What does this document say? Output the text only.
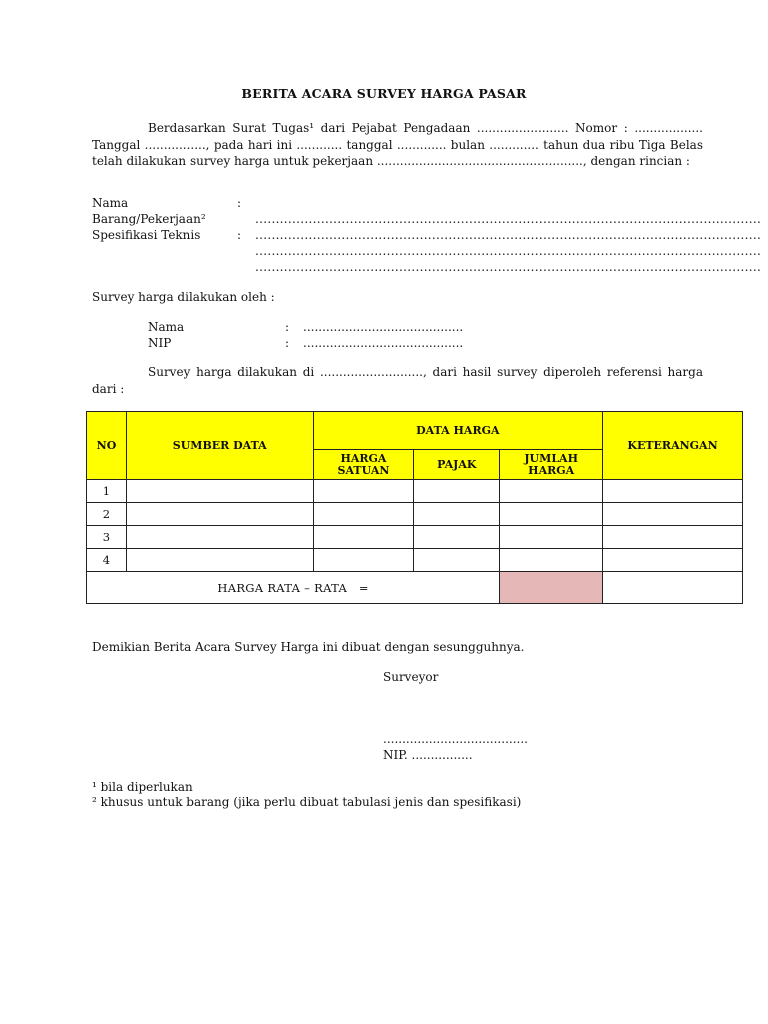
BERITA ACARA SURVEY HARGA PASAR
Berdasarkan Surat Tugas¹ dari Pejabat Pengadaan ........................ Nomor : .................. Tanggal ................, pada hari ini ............ tanggal ............. bulan ............. tahun dua ribu Tiga Belas telah dilakukan survey harga untuk pekerjaan ......................................................, dengan rincian :
Nama	:
Barang/Pekerjaan²	...........................................................................................................................
Spesifikasi Teknis	: ...........................................................................................................................
...........................................................................................................................
...........................................................................................................................
Survey harga dilakukan oleh :
Nama	: ..........................................
NIP	: ..........................................
Survey harga dilakukan di ..........................., dari hasil survey diperoleh referensi harga dari :
NO	SUMBER DATA	DATA HARGA			KETERANGAN
		HARGA SATUAN	PAJAK	JUMLAH HARGA	
1					
2					
3					
4					
HARGA RATA – RATA   =					
Demikian Berita Acara Survey Harga ini dibuat dengan sesungguhnya.
Surveyor
......................................
NIP. ................
¹ bila diperlukan
² khusus untuk barang (jika perlu dibuat tabulasi jenis dan spesifikasi)
